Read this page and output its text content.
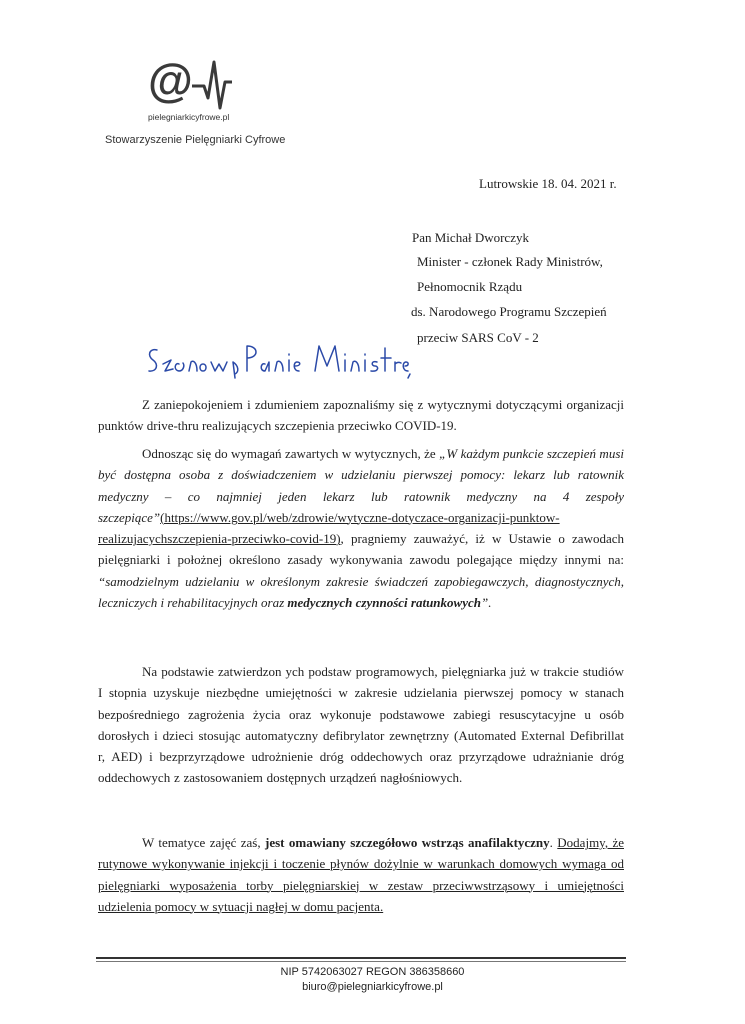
@
pielegniarkicyfrowe.pl
Stowarzyszenie Pielęgniarki Cyfrowe
Lutrowskie 18. 04. 2021 r.
Pan Michał Dworczyk
Minister - członek Rady Ministrów,
Pełnomocnik Rządu
ds. Narodowego Programu Szczepień
przeciw SARS CoV - 2
Z zaniepokojeniem i zdumieniem zapoznaliśmy się z wytycznymi dotyczącymi organizacji punktów drive-thru realizujących szczepienia przeciwko COVID-19.
Odnosząc się do wymagań zawartych w wytycznych, że „W każdym punkcie szczepień musi być dostępna osoba z doświadczeniem w udzielaniu pierwszej pomocy: lekarz lub ratownik medyczny – co najmniej jeden lekarz lub ratownik medyczny na 4 zespoły szczepiące”(https://www.gov.pl/web/zdrowie/wytyczne-dotyczace-organizacji-punktow-realizujacychszczepienia-przeciwko-covid-19), pragniemy zauważyć, iż w Ustawie o zawodach pielęgniarki i położnej określono zasady wykonywania zawodu polegające między innymi na: “samodzielnym udzielaniu w określonym zakresie świadczeń zapobiegawczych, diagnostycznych, leczniczych i rehabilitacyjnych oraz medycznych czynności ratunkowych”.
Na podstawie zatwierdzon ych podstaw programowych, pielęgniarka już w trakcie studiów I stopnia uzyskuje niezbędne umiejętności w zakresie udzielania pierwszej pomocy w stanach bezpośredniego zagrożenia życia oraz wykonuje podstawowe zabiegi resuscytacyjne u osób dorosłych i dzieci stosując automatyczny defibrylator zewnętrzny (Automated External Defibrillat r, AED) i bezprzyrządowe udrożnienie dróg oddechowych oraz przyrządowe udrażnianie dróg oddechowych z zastosowaniem dostępnych urządzeń nagłośniowych.
W tematyce zajęć zaś, jest omawiany szczegółowo wstrząs anafilaktyczny. Dodajmy, że rutynowe wykonywanie injekcji i toczenie płynów dożylnie w warunkach domowych wymaga od pielęgniarki wyposażenia torby pielęgniarskiej w zestaw przeciwwstrząsowy i umiejętności udzielenia pomocy w sytuacji nagłej w domu pacjenta.
NIP 5742063027 REGON 386358660
biuro@pielegniarkicyfrowe.pl
